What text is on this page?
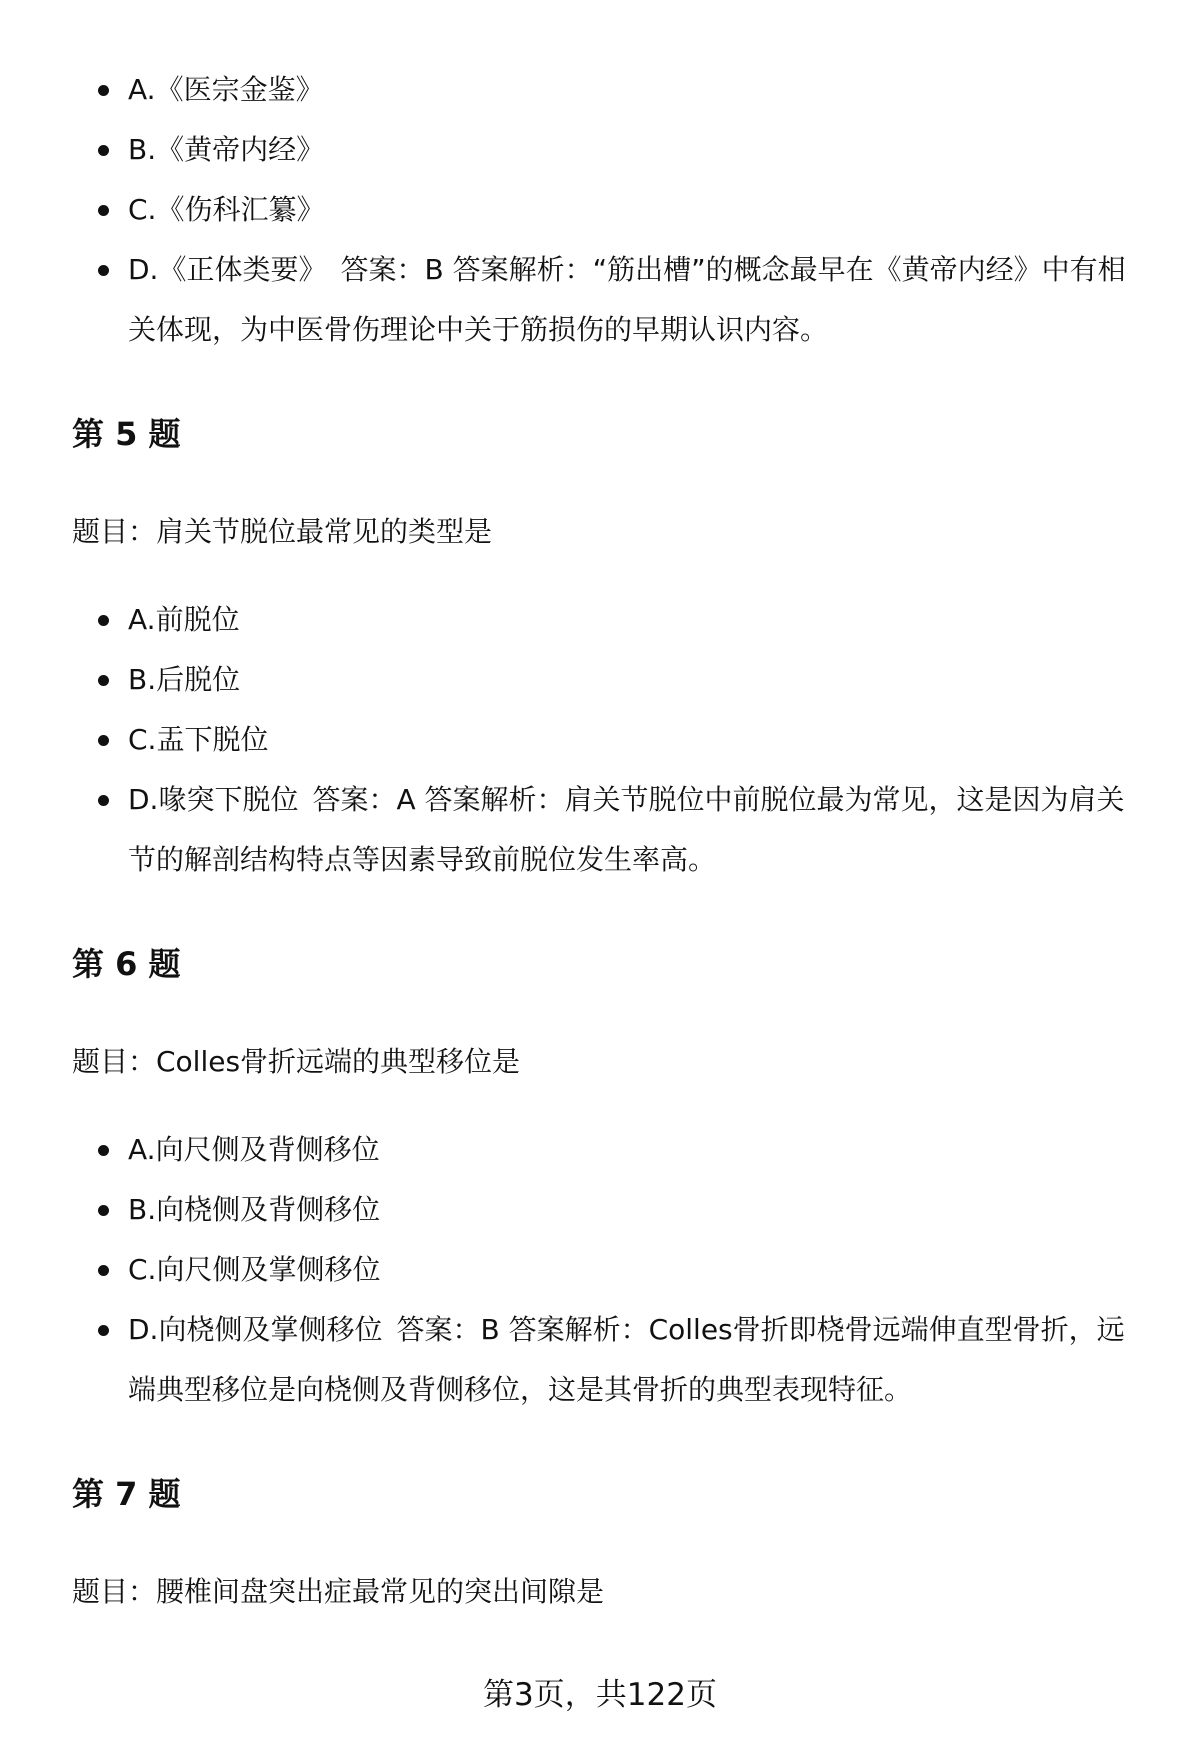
A.《医宗金鉴》
B.《黄帝内经》
C.《伤科汇纂》
D.《正体类要》 答案：B 答案解析：“筋出槽”的概念最早在《黄帝内经》中有相关体现，为中医骨伤理论中关于筋损伤的早期认识内容。
第 5 题
题目：肩关节脱位最常见的类型是
A.前脱位
B.后脱位
C.盂下脱位
D.喙突下脱位 答案：A 答案解析：肩关节脱位中前脱位最为常见，这是因为肩关节的解剖结构特点等因素导致前脱位发生率高。
第 6 题
题目：Colles骨折远端的典型移位是
A.向尺侧及背侧移位
B.向桡侧及背侧移位
C.向尺侧及掌侧移位
D.向桡侧及掌侧移位 答案：B 答案解析：Colles骨折即桡骨远端伸直型骨折，远端典型移位是向桡侧及背侧移位，这是其骨折的典型表现特征。
第 7 题
题目：腰椎间盘突出症最常见的突出间隙是
第3页，共122页
